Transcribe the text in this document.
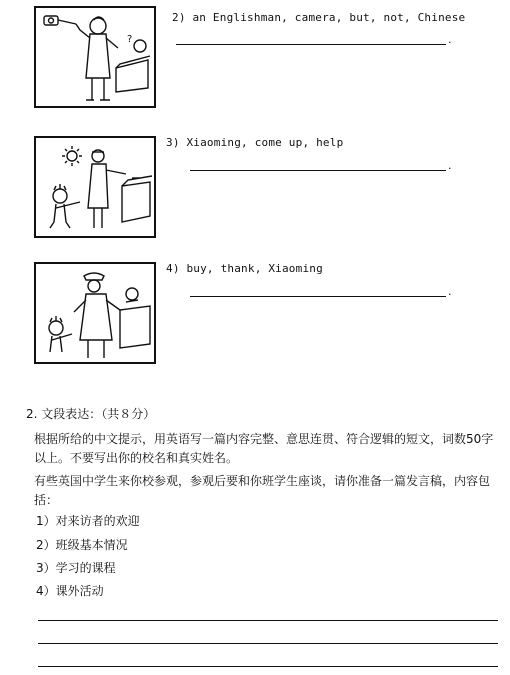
?
2) an Englishman, camera, but, not, Chinese
.
3) Xiaoming, come up, help
.
4) buy, thank, Xiaoming
.
2. 文段表达：（共８分）
根据所给的中文提示，用英语写一篇内容完整、意思连贯、符合逻辑的短文，词数50字以上。不要写出你的校名和真实姓名。
有些英国中学生来你校参观，参观后要和你班学生座谈，请你准备一篇发言稿，内容包括：
1）对来访者的欢迎
2）班级基本情况
3）学习的课程
4）课外活动
